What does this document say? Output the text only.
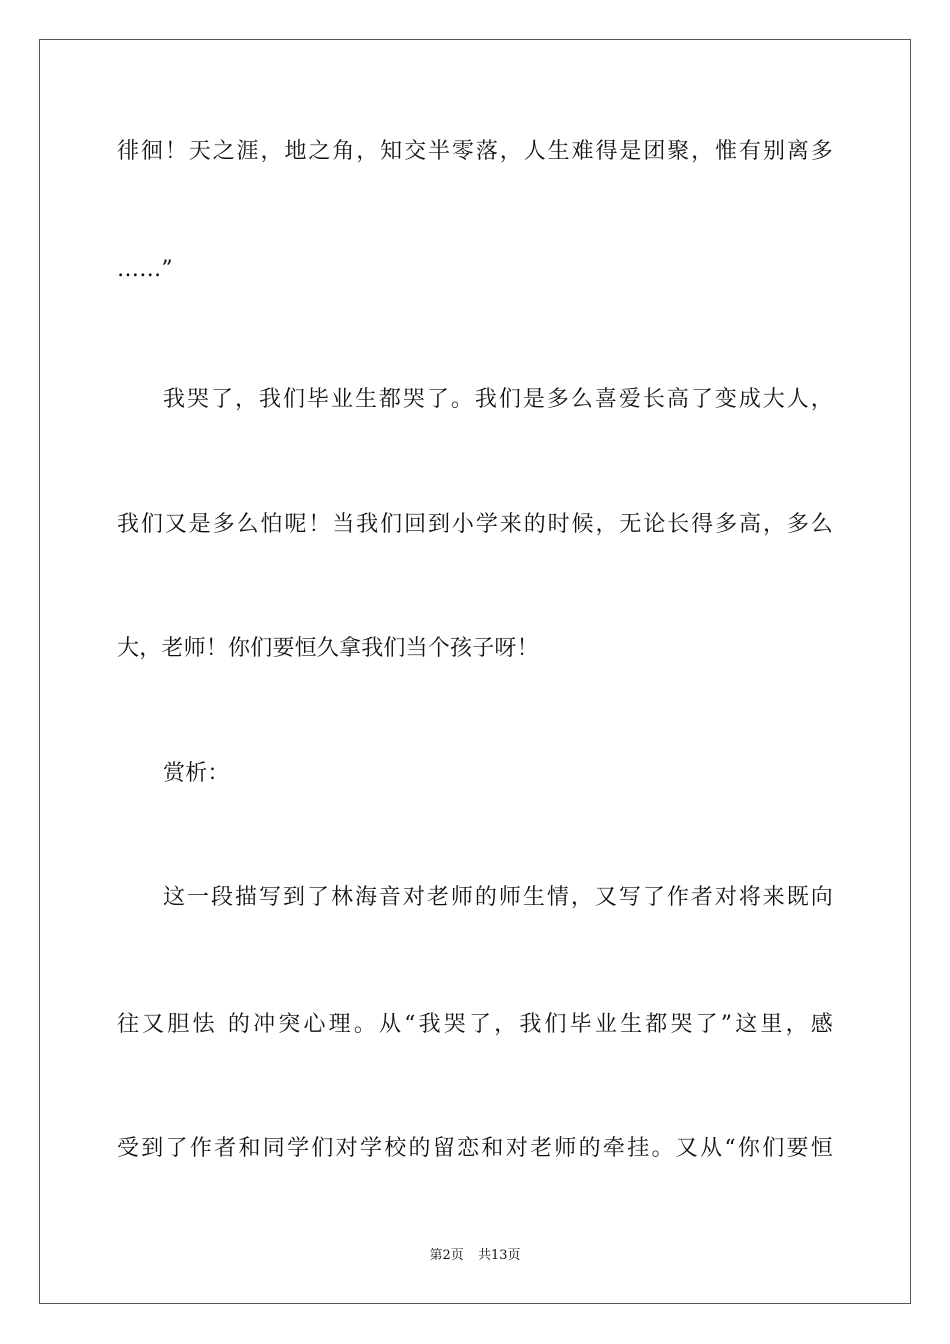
徘徊！天之涯，地之角，知交半零落，人生难得是团聚，惟有别离多
……”
我哭了，我们毕业生都哭了。我们是多么喜爱长高了变成大人，
我们又是多么怕呢！当我们回到小学来的时候，无论长得多高，多么
大，老师！你们要恒久拿我们当个孩子呀！
赏析：
这一段描写到了林海音对老师的师生情，又写了作者对将来既向
往又胆怯 的冲突心理。从“我哭了，我们毕业生都哭了”这里，感
受到了作者和同学们对学校的留恋和对老师的牵挂。又从“你们要恒
第2页 共13页
